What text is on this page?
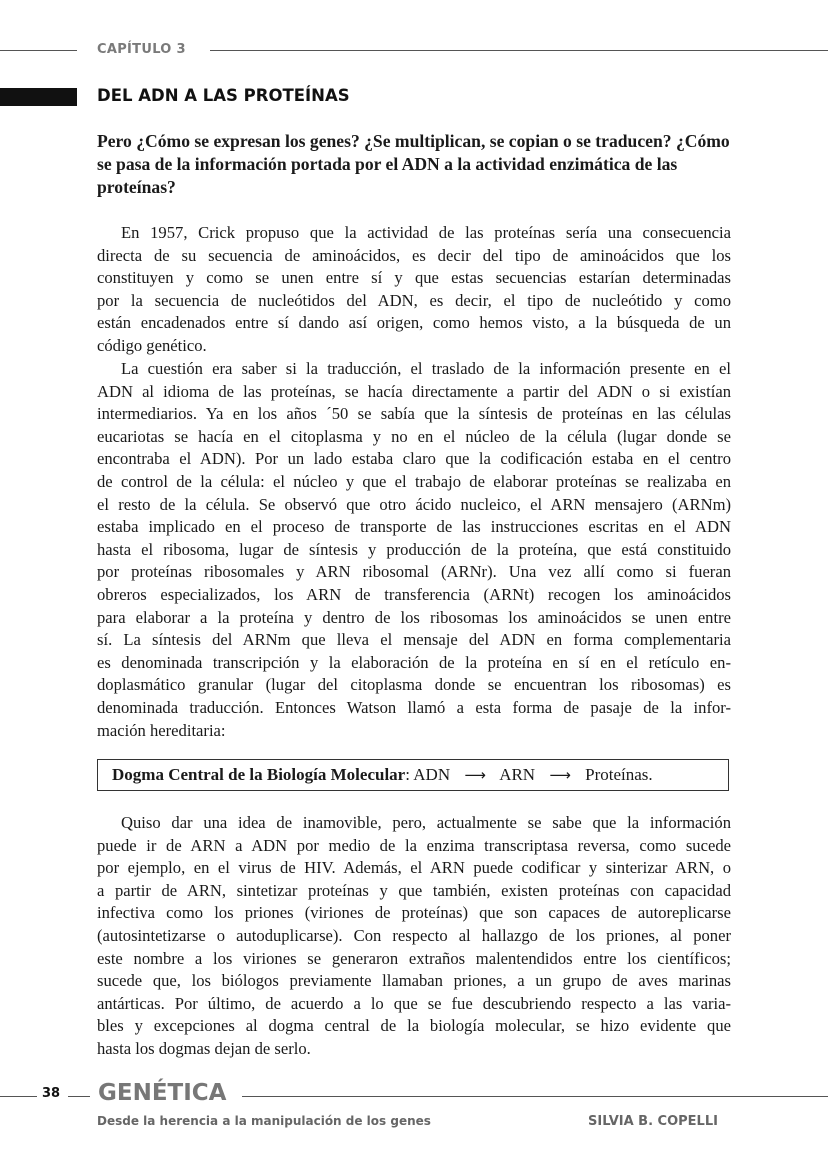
CAPÍTULO 3
DEL ADN A LAS PROTEÍNAS
Pero ¿Cómo se expresan los genes? ¿Se multiplican, se copian o se traducen? ¿Cómo se pasa de la información portada por el ADN a la actividad enzimática de las proteínas?
En 1957, Crick propuso que la actividad de las proteínas sería una consecuencia
directa de su secuencia de aminoácidos, es decir del tipo de aminoácidos que los
constituyen y como se unen entre sí y que estas secuencias estarían determinadas
por la secuencia de nucleótidos del ADN, es decir, el tipo de nucleótido y como
están encadenados entre sí dando así origen, como hemos visto, a la búsqueda de un
código genético.
La cuestión era saber si la traducción, el traslado de la información presente en el
ADN al idioma de las proteínas, se hacía directamente a partir del ADN o si existían
intermediarios. Ya en los años ´50 se sabía que la síntesis de proteínas en las células
eucariotas se hacía en el citoplasma y no en el núcleo de la célula (lugar donde se
encontraba el ADN). Por un lado estaba claro que la codificación estaba en el centro
de control de la célula: el núcleo y que el trabajo de elaborar proteínas se realizaba en
el resto de la célula. Se observó que otro ácido nucleico, el ARN mensajero (ARNm)
estaba implicado en el proceso de transporte de las instrucciones escritas en el ADN
hasta el ribosoma, lugar de síntesis y producción de la proteína, que está constituido
por proteínas ribosomales y ARN ribosomal (ARNr). Una vez allí como si fueran
obreros especializados, los ARN de transferencia (ARNt) recogen los aminoácidos
para elaborar a la proteína y dentro de los ribosomas los aminoácidos se unen entre
sí. La síntesis del ARNm que lleva el mensaje del ADN en forma complementaria
es denominada transcripción y la elaboración de la proteína en sí en el retículo en-
doplasmático granular (lugar del citoplasma donde se encuentran los ribosomas) es
denominada traducción. Entonces Watson llamó a esta forma de pasaje de la infor-
mación hereditaria:
Dogma Central de la Biología Molecular: ADN ⟶ ARN ⟶ Proteínas.
Quiso dar una idea de inamovible, pero, actualmente se sabe que la información
puede ir de ARN a ADN por medio de la enzima transcriptasa reversa, como sucede
por ejemplo, en el virus de HIV. Además, el ARN puede codificar y sinterizar ARN, o
a partir de ARN, sintetizar proteínas y que también, existen proteínas con capacidad
infectiva como los priones (viriones de proteínas) que son capaces de autoreplicarse
(autosintetizarse o autoduplicarse). Con respecto al hallazgo de los priones, al poner
este nombre a los viriones se generaron extraños malentendidos entre los científicos;
sucede que, los biólogos previamente llamaban priones, a un grupo de aves marinas
antárticas. Por último, de acuerdo a lo que se fue descubriendo respecto a las varia-
bles y excepciones al dogma central de la biología molecular, se hizo evidente que
hasta los dogmas dejan de serlo.
38 GENÉTICA
Desde la herencia a la manipulación de los genes	SILVIA B. COPELLI
